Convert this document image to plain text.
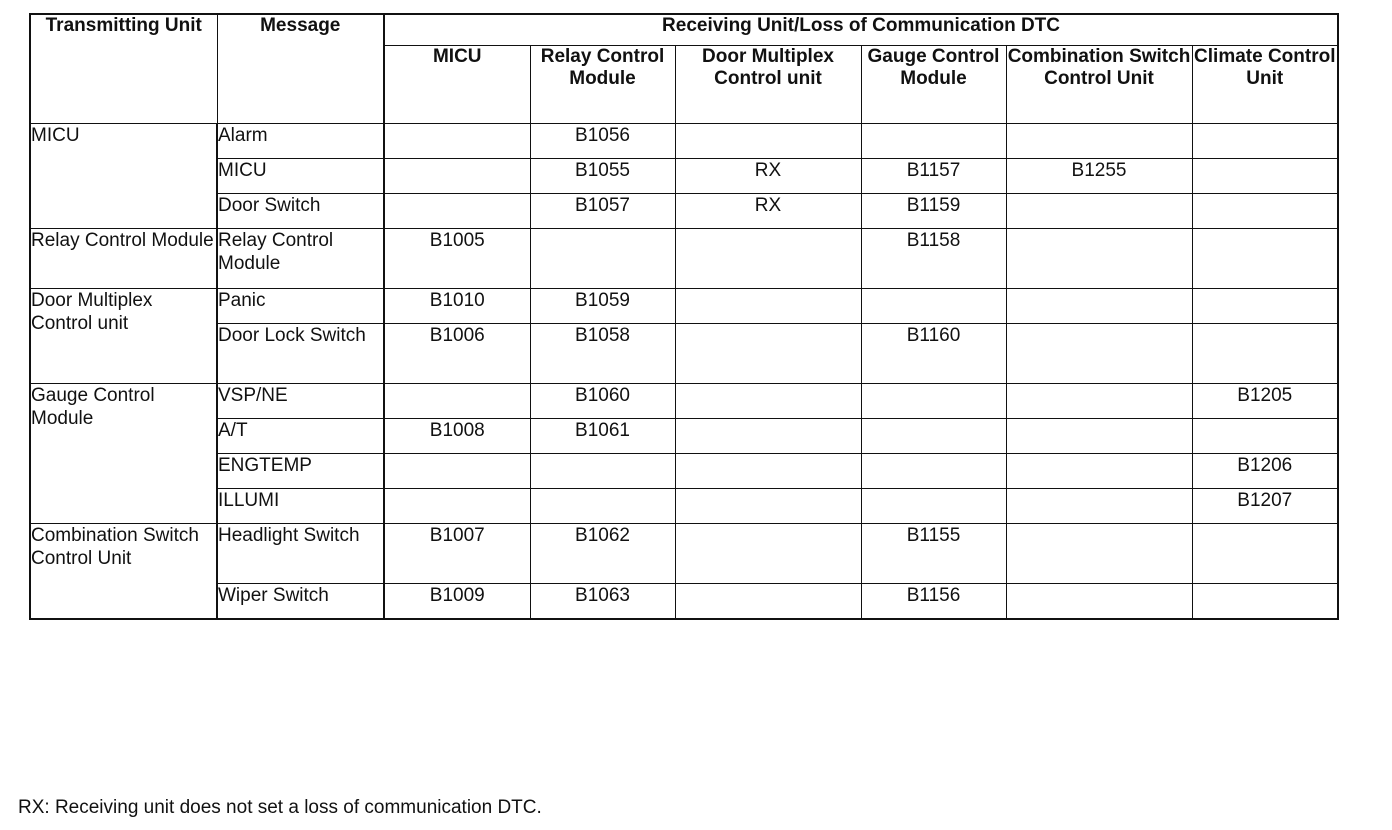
Transmitting Unit	Message	Receiving Unit/Loss of Communication DTC					
		MICU	Relay Control Module	Door Multiplex Control unit	Gauge Control Module	Combination Switch Control Unit	Climate Control Unit
MICU	Alarm		B1056				
	MICU		B1055	RX	B1157	B1255	
	Door Switch		B1057	RX	B1159		
Relay Control Module	Relay Control Module	B1005			B1158		
Door Multiplex Control unit	Panic	B1010	B1059				
	Door Lock Switch	B1006	B1058		B1160		
Gauge Control Module	VSP/NE		B1060				B1205
	A/T	B1008	B1061				
	ENGTEMP						B1206
	ILLUMI						B1207
Combination Switch Control Unit	Headlight Switch	B1007	B1062		B1155		
	Wiper Switch	B1009	B1063		B1156		
RX: Receiving unit does not set a loss of communication DTC.
